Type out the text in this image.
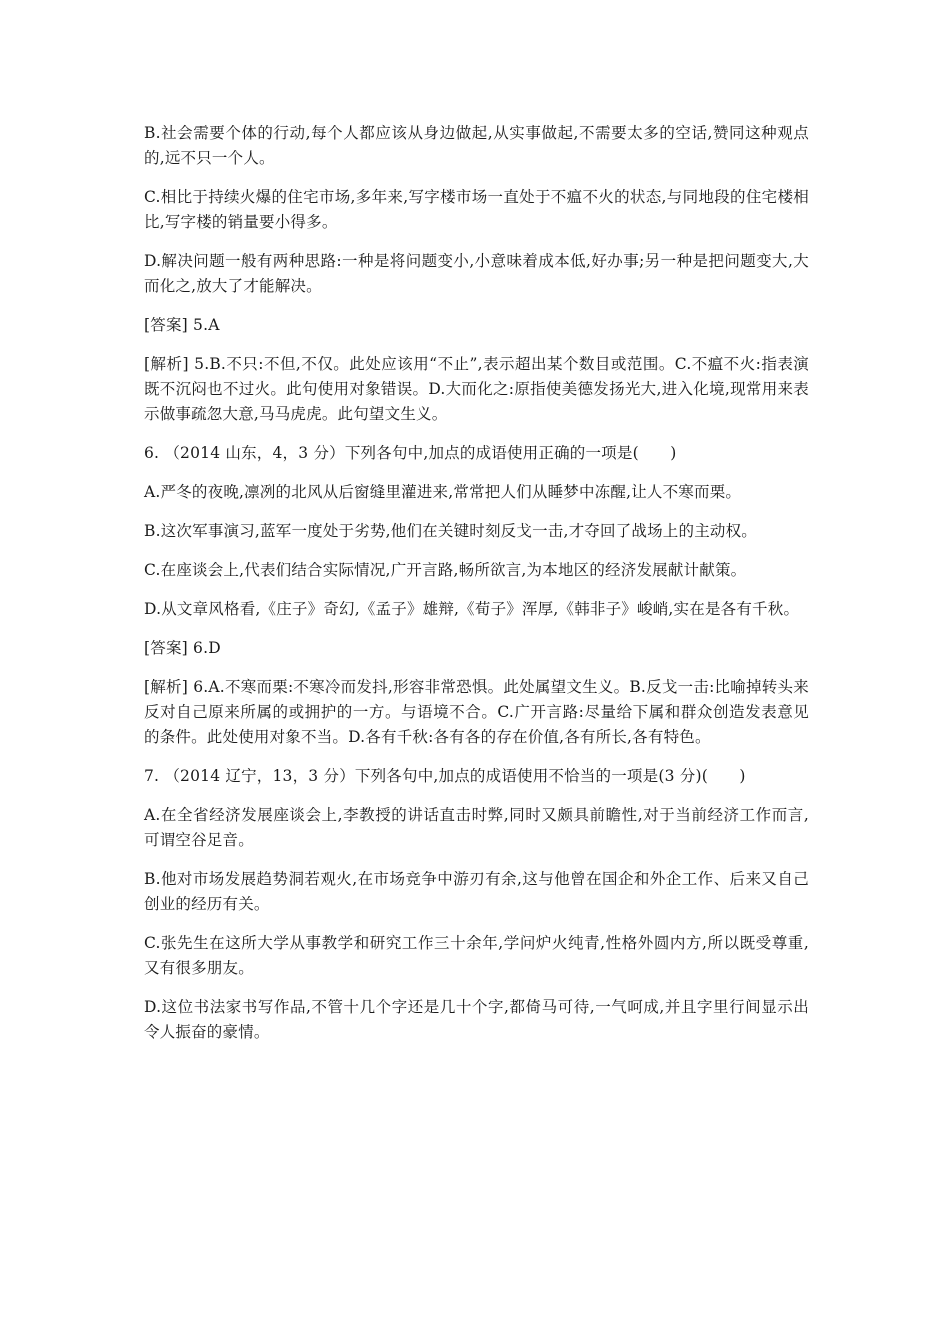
B.社会需要个体的行动,每个人都应该从身边做起,从实事做起,不需要太多的空话,赞同这种观点的,远不只一个人。

C.相比于持续火爆的住宅市场,多年来,写字楼市场一直处于不瘟不火的状态,与同地段的住宅楼相比,写字楼的销量要小得多。

D.解决问题一般有两种思路:一种是将问题变小,小意味着成本低,好办事;另一种是把问题变大,大而化之,放大了才能解决。

[答案] 5.A

[解析] 5.B.不只:不但,不仅。此处应该用“不止”,表示超出某个数目或范围。C.不瘟不火:指表演既不沉闷也不过火。此句使用对象错误。D.大而化之:原指使美德发扬光大,进入化境,现常用来表示做事疏忽大意,马马虎虎。此句望文生义。

6. （2014 山东，4，3 分）下列各句中,加点的成语使用正确的一项是(　　)

A.严冬的夜晚,凛冽的北风从后窗缝里灌进来,常常把人们从睡梦中冻醒,让人不寒而栗。

B.这次军事演习,蓝军一度处于劣势,他们在关键时刻反戈一击,才夺回了战场上的主动权。

C.在座谈会上,代表们结合实际情况,广开言路,畅所欲言,为本地区的经济发展献计献策。

D.从文章风格看,《庄子》奇幻,《孟子》雄辩,《荀子》浑厚,《韩非子》峻峭,实在是各有千秋。

[答案] 6.D

[解析] 6.A.不寒而栗:不寒冷而发抖,形容非常恐惧。此处属望文生义。B.反戈一击:比喻掉转头来反对自己原来所属的或拥护的一方。与语境不合。C.广开言路:尽量给下属和群众创造发表意见的条件。此处使用对象不当。D.各有千秋:各有各的存在价值,各有所长,各有特色。

7. （2014 辽宁，13，3 分）下列各句中,加点的成语使用不恰当的一项是(3 分)(　　)

A.在全省经济发展座谈会上,李教授的讲话直击时弊,同时又颇具前瞻性,对于当前经济工作而言,可谓空谷足音。

B.他对市场发展趋势洞若观火,在市场竞争中游刃有余,这与他曾在国企和外企工作、后来又自己创业的经历有关。

C.张先生在这所大学从事教学和研究工作三十余年,学问炉火纯青,性格外圆内方,所以既受尊重,又有很多朋友。

D.这位书法家书写作品,不管十几个字还是几十个字,都倚马可待,一气呵成,并且字里行间显示出令人振奋的豪情。
